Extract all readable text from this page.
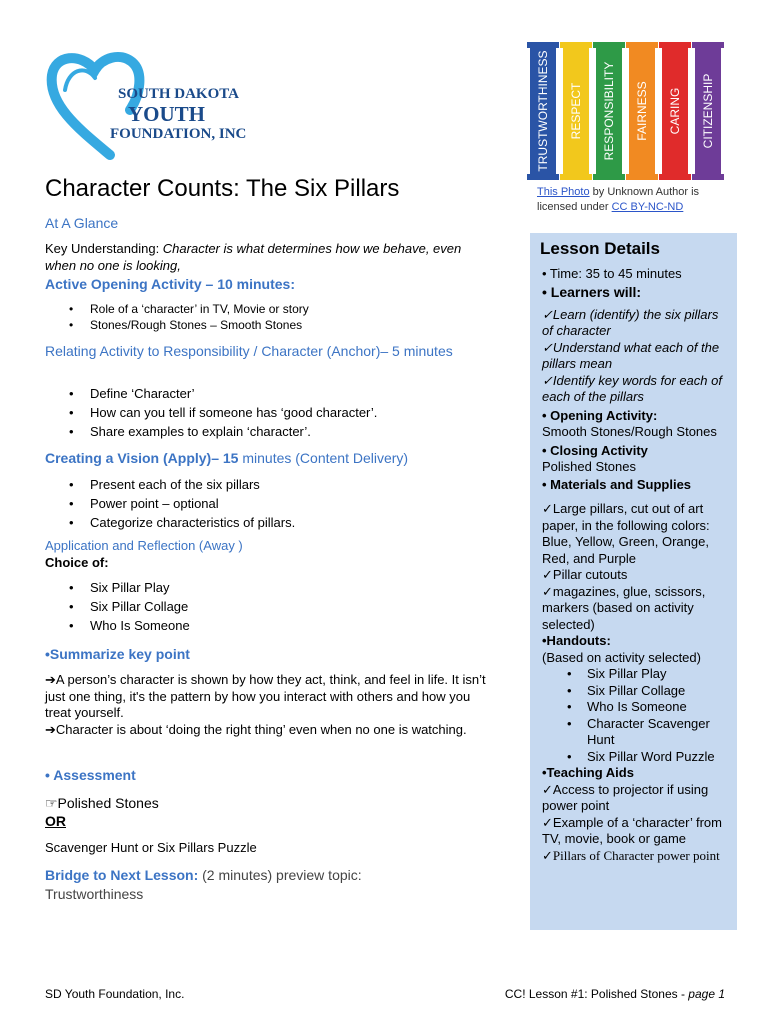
SOUTH DAKOTA
YOUTH
FOUNDATION, INC	TRUSTWORTHINESS	RESPECT	RESPONSIBILITY	FAIRNESS	CARING	CITIZENSHIP
This Photo by Unknown Author is licensed under CC BY-NC-ND
Character Counts: The Six Pillars
At A Glance
Key Understanding: Character is what determines how we behave, even when no one is looking,
Active Opening Activity – 10 minutes:
• Role of a ‘character’ in TV, Movie or story
• Stones/Rough Stones – Smooth Stones
Relating Activity to Responsibility / Character (Anchor)– 5 minutes
• Define ‘Character’
• How can you tell if someone has ‘good character’.
• Share examples to explain ‘character’.
Creating a Vision (Apply)– 15 minutes (Content Delivery)
• Present each of the six pillars
• Power point – optional
• Categorize characteristics of pillars.
Application and Reflection (Away )
Choice of:
• Six Pillar Play
• Six Pillar Collage
• Who Is Someone
•Summarize key point
➔A person’s character is shown by how they act, think, and feel in life. It isn’t just one thing, it's the pattern by how you interact with others and how you treat yourself.
➔Character is about ‘doing the right thing’ even when no one is watching.
• Assessment
☞Polished Stones
OR
Scavenger Hunt or Six Pillars Puzzle
Bridge to Next Lesson: (2 minutes) preview topic: Trustworthiness
Lesson Details
• Time: 35 to 45 minutes
• Learners will:
✓Learn (identify) the six pillars of character
✓Understand what each of the pillars mean
✓Identify key words for each of each of the pillars
• Opening Activity:
Smooth Stones/Rough Stones
• Closing Activity
Polished Stones
• Materials and Supplies
✓Large pillars, cut out of art paper, in the following colors: Blue, Yellow, Green, Orange, Red, and Purple
✓Pillar cutouts
✓magazines, glue, scissors, markers (based on activity selected)
•Handouts:
(Based on activity selected)
• Six Pillar Play
• Six Pillar Collage
• Who Is Someone
• Character Scavenger Hunt
• Six Pillar Word Puzzle
•Teaching Aids
✓Access to projector if using power point
✓Example of a ‘character’ from TV, movie, book or game
✓Pillars of Character power point
SD Youth Foundation, Inc.	CC! Lesson #1: Polished Stones - page 1
